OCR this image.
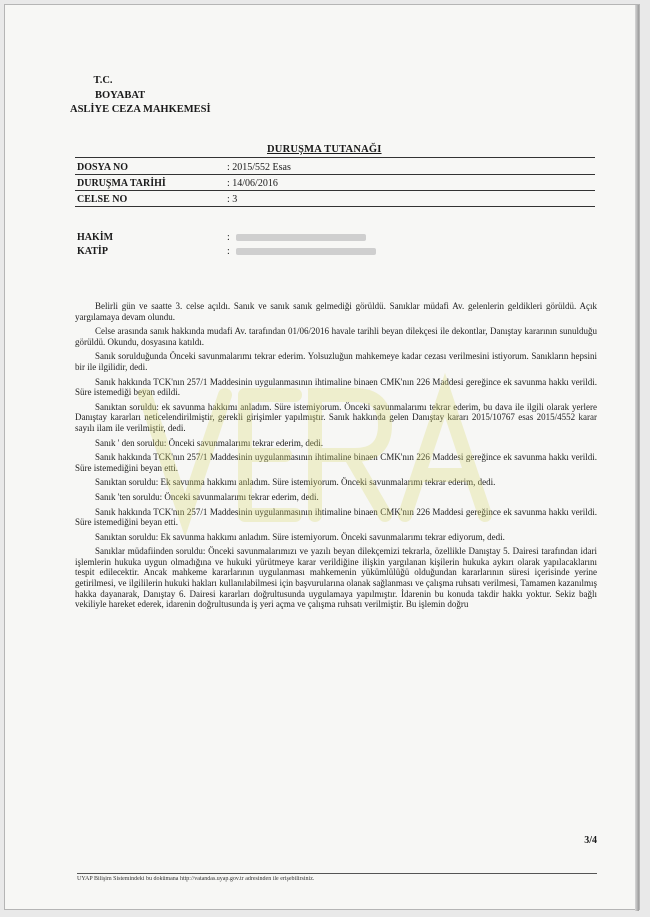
T.C.
BOYABAT
ASLİYE CEZA MAHKEMESİ
DURUŞMA TUTANAĞI
DOSYA NO	: 2015/552 Esas
DURUŞMA TARİHİ	: 14/06/2016
CELSE NO	: 3
HAKİM	:
KATİP	:

Belirli gün ve saatte 3. celse açıldı. Sanık ve sanık sanık gelmediği görüldü. Sanıklar müdafi Av. gelenlerin geldikleri görüldü. Açık yargılamaya devam olundu.

Celse arasında sanık hakkında mudafi Av. tarafından 01/06/2016 havale tarihli beyan dilekçesi ile dekontlar, Danıştay kararının sunulduğu görüldü. Okundu, dosyasına katıldı.

Sanık sorulduğunda Önceki savunmalarımı tekrar ederim. Yolsuzluğun mahkemeye kadar cezası verilmesini istiyorum. Sanıkların hepsini bir ile ilgilidir, dedi.

Sanık hakkında TCK'nın 257/1 Maddesinin uygulanmasının ihtimaline binaen CMK'nın 226 Maddesi gereğince ek savunma hakkı verildi. Süre istemediği beyan edildi.

Sanıktan soruldu: ek savunma hakkımı anladım. Süre istemiyorum. Önceki savunmalarımı tekrar ederim, bu dava ile ilgili olarak yerlere Danıştay kararları neticelendirilmiştir, gerekli girişimler yapılmıştır. Sanık hakkında gelen Danıştay kararı 2015/10767 esas 2015/4552 karar sayılı ilam ile verilmiştir, dedi.

Sanık ' den soruldu: Önceki savunmalarımı tekrar ederim, dedi.

Sanık hakkında TCK'nın 257/1 Maddesinin uygulanmasının ihtimaline binaen CMK'nın 226 Maddesi gereğince ek savunma hakkı verildi. Süre istemediğini beyan etti.

Sanıktan soruldu: Ek savunma hakkımı anladım. Süre istemiyorum. Önceki savunmalarımı tekrar ederim, dedi.

Sanık 'ten soruldu: Önceki savunmalarımı tekrar ederim, dedi.

Sanık hakkında TCK'nın 257/1 Maddesinin uygulanmasının ihtimaline binaen CMK'nın 226 Maddesi gereğince ek savunma hakkı verildi. Süre istemediğini beyan etti.

Sanıktan soruldu: Ek savunma hakkımı anladım. Süre istemiyorum. Önceki savunmalarımı tekrar ediyorum, dedi.

Sanıklar müdafiinden soruldu: Önceki savunmalarımızı ve yazılı beyan dilekçemizi tekrarla, özellikle Danıştay 5. Dairesi tarafından idari işlemlerin hukuka uygun olmadığına ve hukuki yürütmeye karar verildiğine ilişkin yargılanan kişilerin hukuka aykırı olarak yapılacaklarını tespit edilecektir. Ancak mahkeme kararlarının uygulanması mahkemenin yükümlülüğü olduğundan kararlarının süresi içerisinde yerine getirilmesi, ve ilgililerin hukuki hakları kullanılabilmesi için başvurularına olanak sağlanması ve çalışma ruhsatı verilmesi, Tamamen kazanılmış hakka dayanarak, Danıştay 6. Dairesi kararları doğrultusunda uygulamaya yapılmıştır. İdarenin bu konuda takdir hakkı yoktur. Sekiz bağlı vekiliyle hareket ederek, idarenin doğrultusunda iş yeri açma ve çalışma ruhsatı verilmiştir. Bu işlemin doğru

3/4
UYAP Bilişim Sistemindeki bu dokümana http://vatandas.uyap.gov.tr adresinden ile erişebilirsiniz.
